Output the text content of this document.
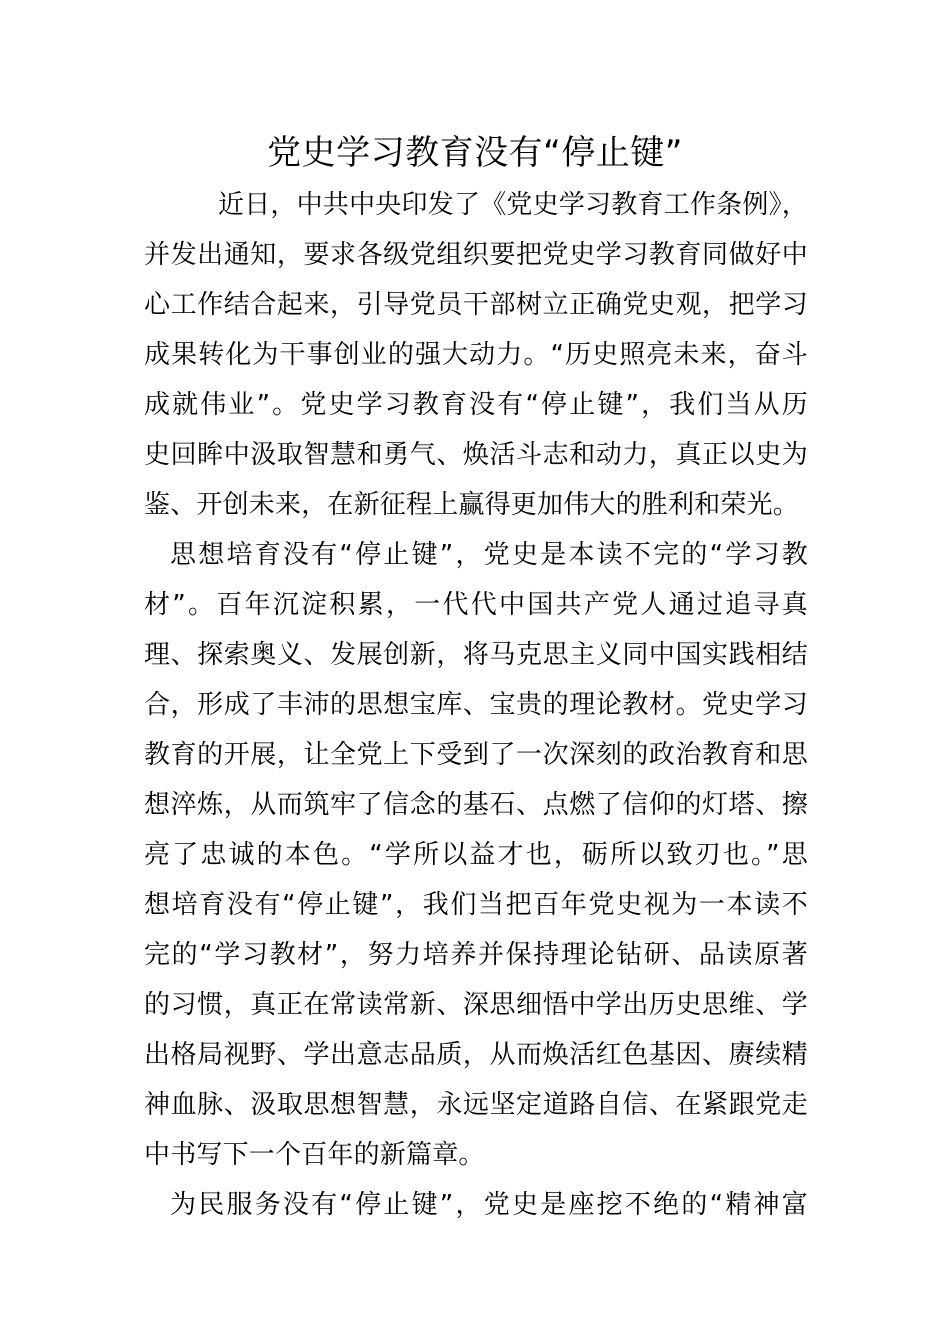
党史学习教育没有“停止键”
近日，中共中央印发了《党史学习教育工作条例》，
并发出通知，要求各级党组织要把党史学习教育同做好中
心工作结合起来，引导党员干部树立正确党史观，把学习
成果转化为干事创业的强大动力。“历史照亮未来，奋斗
成就伟业”。党史学习教育没有“停止键”，我们当从历
史回眸中汲取智慧和勇气、焕活斗志和动力，真正以史为
鉴、开创未来，在新征程上赢得更加伟大的胜利和荣光。
思想培育没有“停止键”，党史是本读不完的“学习教
材”。百年沉淀积累，一代代中国共产党人通过追寻真
理、探索奥义、发展创新，将马克思主义同中国实践相结
合，形成了丰沛的思想宝库、宝贵的理论教材。党史学习
教育的开展，让全党上下受到了一次深刻的政治教育和思
想淬炼，从而筑牢了信念的基石、点燃了信仰的灯塔、擦
亮了忠诚的本色。“学所以益才也，砺所以致刃也。”思
想培育没有“停止键”，我们当把百年党史视为一本读不
完的“学习教材”，努力培养并保持理论钻研、品读原著
的习惯，真正在常读常新、深思细悟中学出历史思维、学
出格局视野、学出意志品质，从而焕活红色基因、赓续精
神血脉、汲取思想智慧，永远坚定道路自信、在紧跟党走
中书写下一个百年的新篇章。
为民服务没有“停止键”，党史是座挖不绝的“精神富
